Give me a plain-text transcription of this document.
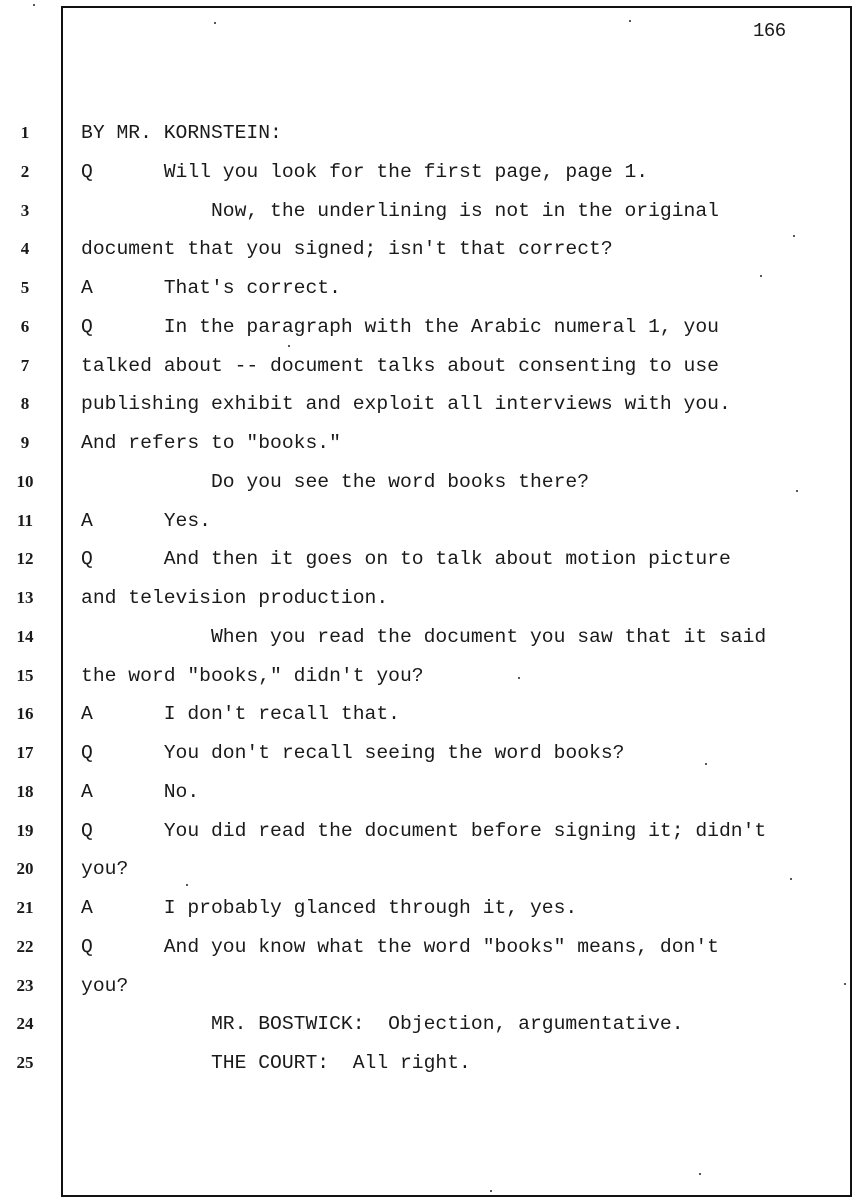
166
1	BY MR. KORNSTEIN:
2	Q      Will you look for the first page, page 1.
3	Now, the underlining is not in the original
4	document that you signed; isn't that correct?
5	A      That's correct.
6	Q      In the paragraph with the Arabic numeral 1, you
7	talked about -- document talks about consenting to use
8	publishing exhibit and exploit all interviews with you.
9	And refers to "books."
10 Do you see the word books there?
11 A      Yes.
12 Q      And then it goes on to talk about motion picture
13 and television production.
14 When you read the document you saw that it said
15 the word "books," didn't you?
16 A      I don't recall that.
17 Q      You don't recall seeing the word books?
18 A      No.
19 Q      You did read the document before signing it; didn't
20 you?
21 A      I probably glanced through it, yes.
22 Q      And you know what the word "books" means, don't
23 you?
24 MR. BOSTWICK:  Objection, argumentative.
25 THE COURT:  All right.
